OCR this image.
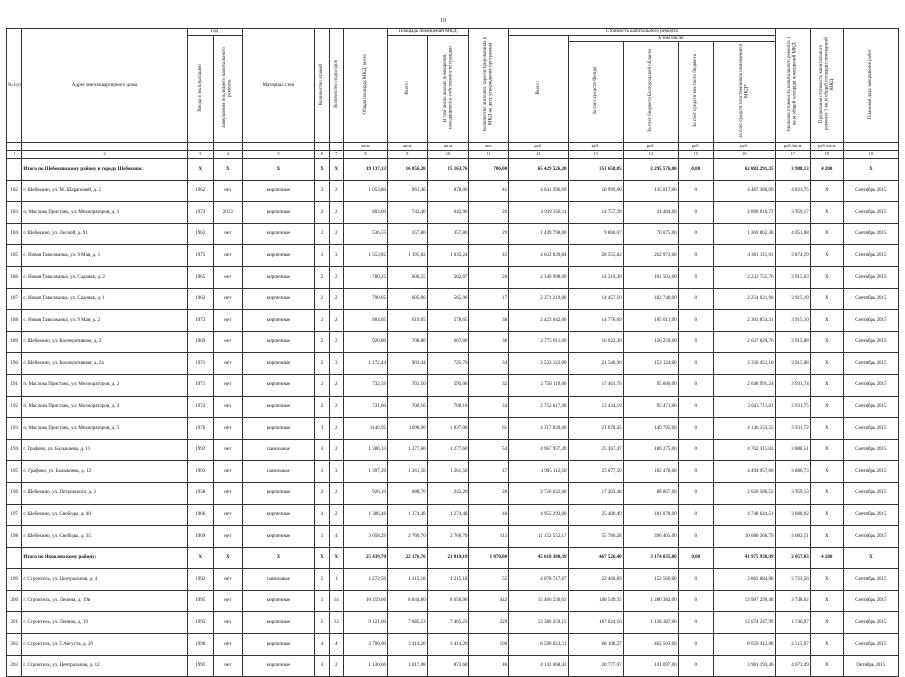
10
№ п/п	Адрес многоквартирного дома	Год		Материал стен	Количество этажей	Количество подъездов	Общая площадь МКД, всего	Площадь помещений МКД:		Количество жителей, зарегистрированных в МКД на дату утверждения программы	Стоимость капитального ремонта					Удельная стоимость капитального ремонта 1 кв.м общей площади помещений МКД	Предельная стоимость капитального ремонта 1 кв.м общей площади помещений МКД	Плановая дата завершения работ
		Ввода в эксплуатацию	Завершения последнего капитального ремонта					Всего:	В том числе жилых помещений, находящихся в собственности граждан		Всего:	в том числе:						
												За счет средств Фонда	За счет бюджета Белгородской области	За счет средств местного бюджета	За счет средств собственников помещений в МКД*			
							кв.м	кв.м	кв.м	чел.	руб.	руб.	руб.	руб.	руб.	руб./кв.м	руб./кв.м	
1	2	3	4	5	6	7	8	9	10	11	12	13	14	15	16	17	18	19
	Итого по Шебекинскому району и городу Шебекино:	X	X	X	X	X	19 137,13	16 856,20	15 163,76	706,00	65 429 526,20	351 658,85	2 295 576,00	0,00	62 882 291,35	3 988,13	4 200	X
182	г. Шебекино, ул. М. Шараповой, д. 2	1962	нет	кирпичные	3	2	1 053,80	961,40	878,00	41	4 641 396,09	18 999,00	135 017,00	0	4 487 380,09	4 823,75	X	Сентябрь 2015
183	п. Маслова Пристань, ул. Мелиораторов, д. 3	1973	2013	кирпичные	2	2	803,00	742,40	642,96	26	2 939 358,11	14 757,39	34 484,00	0	2 890 016,72	3 959,17	X	Сентябрь 2015
184	г. Шебекино, ул. Лесной, д. 91	1962	нет	кирпичные	2	2	536,55	357,80	357,80	29	1 449 798,00	9 860,67	70 075,00	0	1 369 862,38	4 051,98	X	Сентябрь 2015
185	с. Новая Таволжанка, ул. 9 Мая, д. 1	1975	нет	кирпичные	3	3	1 553,82	1 195,82	1 035,24	43	4 632 839,84	28 555,82	202 973,00	0	4 401 311,01	3 874,19	X	Сентябрь 2015
186	с. Новая Таволжанка, ул. Садовая, д. 2	1965	нет	кирпичные	2	2	780,25	600,25	562,07	26	2 349 998,00	14 319,30	101 503,00	0	2 233 755,70	3 915,03	X	Сентябрь 2015
187	с. Новая Таволжанка, ул. Садовая, д. 1	1962	нет	кирпичные	2	2	790,65	605,66	565,96	17	2 371 219,00	14 457,10	102 740,00	0	2 254 021,90	3 915,10	X	Сентябрь 2015
188	с. Новая Таволжанка, ул. 9 Мая, д. 2	1973	нет	кирпичные	2	2	804,05	619,05	578,65	38	2 423 642,00	14 776,69	105 011,00	0	2 303 854,31	3 915,10	X	Сентябрь 2015
189	г. Шебекино, ул. Кооперативная, д. 2	1969	нет	кирпичные	2	2	920,80	708,80	667,80	38	2 775 011,00	16 922,30	120 259,00	0	2 637 829,70	3 915,08	X	Сентябрь 2015
190	г. Шебекино, ул. Кооперативная, д. 2а	1971	нет	кирпичные	2	3	1 172,44	902,44	725,70	34	3 533 122,00	21 546,90	153 124,00	0	3 358 451,10	3 915,08	X	Сентябрь 2015
191	п. Маслова Пристань, ул. Мелиораторов, д. 2	1971	нет	кирпичные	2	2	732,59	701,50	595,06	32	2 758 119,00	17 461,76	95 606,00	0	2 648 991,24	3 931,74	X	Сентябрь 2015
192	п. Маслова Пристань, ул. Мелиораторов, д. 4	1974	нет	кирпичные	2	2	731,60	700,10	700,10	34	2 752 617,00	13 434,19	95 471,00	0	2 643 711,81	3 931,75	X	Сентябрь 2015
193	п. Маслова Пристань, ул. Мелиораторов, д. 5	1976	нет	кирпичные	3	2	1146,95	1098,00	1 037,00	61	4 317 029,00	21 078,45	149 795,00	0	4 146 155,55	3 931,72	X	Сентябрь 2015
194	г. Графово, ул. Балыкиева, д. 11	1993	нет	панельные	3	2	1 380,33	1 277,60	1 277,60	54	4 967 937,49	25 367,47	180 275,00	0	4 762 315,02	3 888,51	X	Сентябрь 2015
195	с. Графово, ул. Балыкиева, д. 12	1993	нет	панельные	3	3	1 397,20	1 261,50	1 261,50	47	4 905 112,50	25 677,50	182 478,00	0	4 494 957,00	3 886,73	X	Сентябрь 2015
196	г. Шебекино, ул. Петровского, д. 2	1958	нет	кирпичные	2	2	926,10	688,70	242,20	28	2 726 632,00	17 203,48	88 867,00	0	2 620 586,52	3 959,13	X	Сентябрь 2015
197	г. Шебекино, ул. Свободы, д. 40	1966	нет	кирпичные	4	2	1 386,48	1 374,48	1 274,48	46	4 955 293,00	25 480,49	181 078,00	0	4 748 644,51	3 888,02	X	Сентябрь 2015
198	г. Шебекино, ул. Свободы, д. 35	1969	нет	кирпичные	5	4	3 058,29	2 760,70	2 760,70	113	11 152 552,17	55 780,28	396 405,00	0	10 680 366,79	4 082,51	X	Сентябрь 2015
	Итого по Яковлевскому району:	X	X	X	X	X	25 439,70	22 176,76	21 019,19	1 070,00	45 618 300,39	467 526,40	3 174 835,00	0,00	41 975 938,99	2 057,03	4 200	X
199	г. Строитель, ул. Центральная, д. 4	1992	нет	панельные	5	1	1 272,50	1 215,18	1 215,18	55	4 078 717,87	22 466,89	152 566,00	0	3 863 684,98	3 723,56	X	Сентябрь 2015
200	г. Строитель, ул. Ленина, д. 19в	1995	нет	кирпичные	5	14	10 259,60	8 844,80	8 050,90	442	15 466 230,63	188 549,35	1 280 382,00	0	13 997 299,48	3 748,62	X	Сентябрь 2015
201	г. Строитель, ул. Ленина, д. 19	1995	нет	кирпичные	5	12	9 121,00	7 685,53	7 465,23	229	13 380 259,15	167 624,16	1 138 387,00	0	12 074 247,99	1 740,97	X	Сентябрь 2015
202	г. Строитель, ул. 5 Августа, д. 20	1990	нет	кирпичные	4	4	3 706,00	3 414,20	3 414,20	190	8 590 024,31	68 108,27	462 503,00	0	8 059 413,08	2 515,97	X	Сентябрь 2015
203	г. Строитель, ул. Центральная, д. 12	1995	нет	кирпичные	3	2	1 130,60	1 017,08	873,68	46	4 143 068,43	20 777,97	141 097,00	0	3 981 193,46	4 073,49	X	Октябрь 2015
